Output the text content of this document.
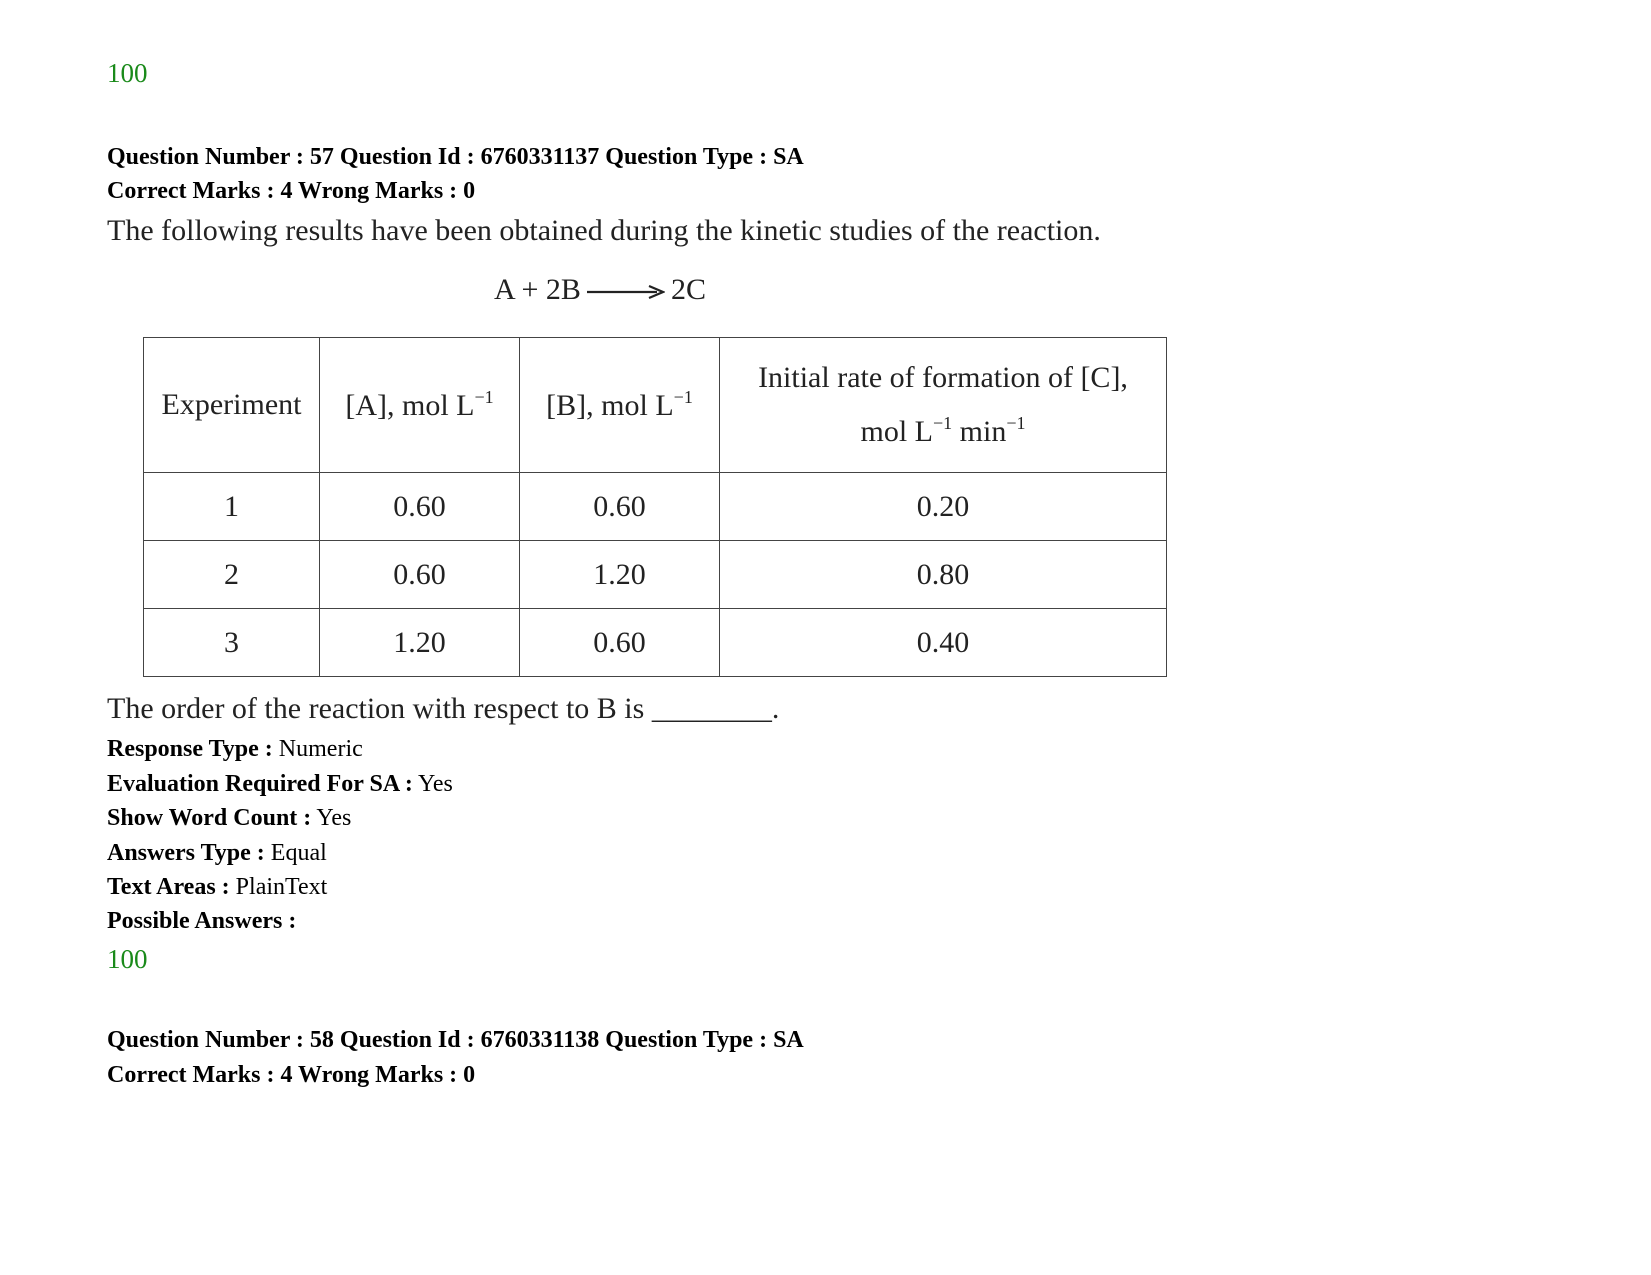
100
Question Number : 57 Question Id : 6760331137 Question Type : SA
Correct Marks : 4 Wrong Marks : 0
The following results have been obtained during the kinetic studies of the reaction.
A + 2B → 2C
Experiment	[A], mol $L^{-1}$	[B], mol $L^{-1}$	Initial rate of formation of [C],
mol $L^{-1}$ $\min^{-1}$

1	0.60	0.60	0.20
2	0.60	1.20	0.80
3	1.20	0.60	0.40
The order of the reaction with respect to B is ________.
Response Type : Numeric
Evaluation Required For SA : Yes
Show Word Count : Yes
Answers Type : Equal
Text Areas : PlainText
Possible Answers :
100
Question Number : 58 Question Id : 6760331138 Question Type : SA
Correct Marks : 4 Wrong Marks : 0
